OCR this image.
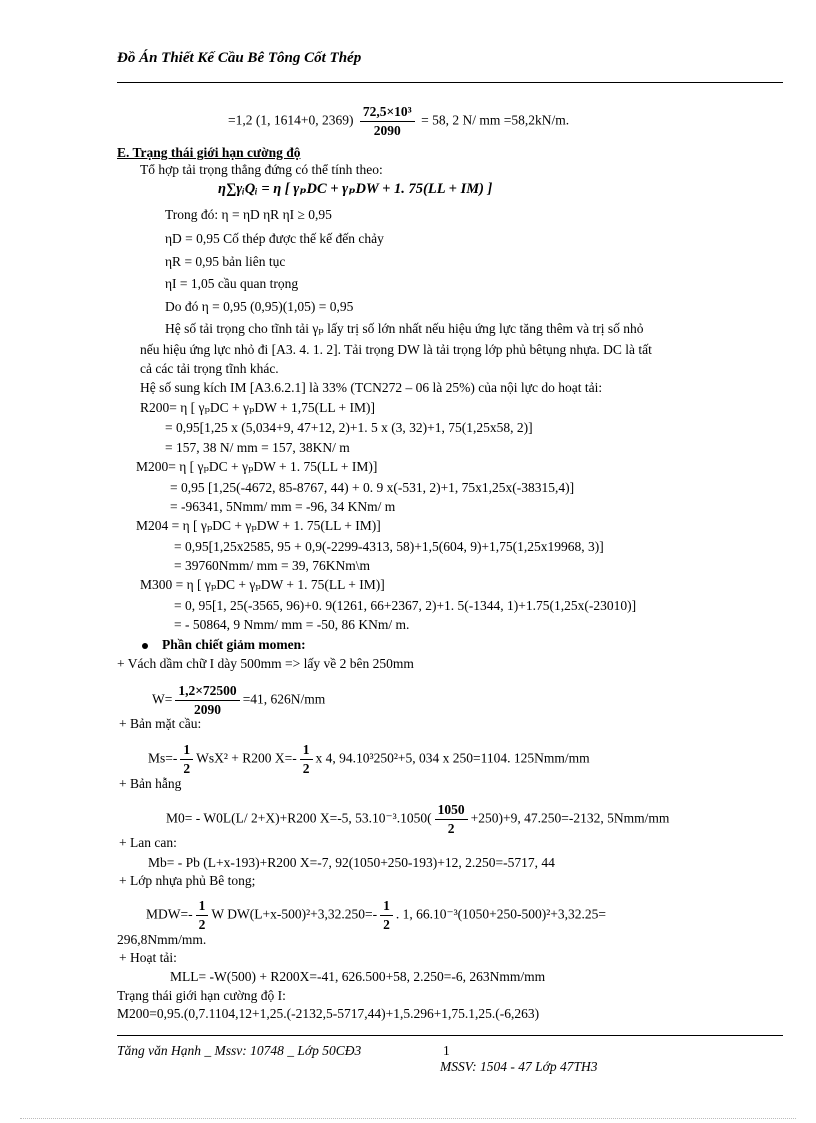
Đồ Án Thiết Kế Cầu Bê Tông Cốt Thép
=1,2 (1, 1614+0, $2369) \frac{\text{72,5×10³}}{2090} = 58$, 2 N/ mm =58,2kN/m.
E. Trạng thái giới hạn cường độ
Tổ hợp tải trọng thẳng đứng có thể tính theo:
η∑γᵢQᵢ = η [ γₚDC + γₚDW + 1. 75(LL + IM) ]
Trong đó: η = ηD ηR ηI ≥ 0,95
ηD = 0,95 Cố thép được thế kế đến chảy
ηR = 0,95 bản liên tục
ηI = 1,05 cầu quan trọng
Do đó η = 0,95 (0,95)(1,05) = 0,95
Hệ số tải trọng cho tĩnh tải γₚ lấy trị số lớn nhất nếu hiệu ứng lực tăng thêm và trị số nhỏ
nếu hiệu ứng lực nhỏ đi [A3. 4. 1. 2]. Tải trọng DW là tải trọng lớp phủ bêtụng nhựa. DC là tất
cả các tải trọng tĩnh khác.
Hệ số sung kích IM [A3.6.2.1] là 33% (TCN272 – 06 là 25%) của nội lực do hoạt tải:
R200= η [ γₚDC + γₚDW + 1,75(LL + IM)]
= 0,95[1,25 x (5,034+9, 47+12, 2)+1. 5 x (3, 32)+1, 75(1,25x58, 2)]
= 157, 38 N/ mm = 157, 38KN/ m
M200= η [ γₚDC + γₚDW + 1. 75(LL + IM)]
= 0,95 [1,25(-4672, 85-8767, 44) + 0. 9 x(-531, 2)+1, 75x1,25x(-38315,4)]
= -96341, 5Nmm/ mm = -96, 34 KNm/ m
M204 = η [ γₚDC + γₚDW + 1. 75(LL + IM)]
= 0,95[1,25x2585, 95 + 0,9(-2299-4313, 58)+1,5(604, 9)+1,75(1,25x19968, 3)]
= 39760Nmm/ mm = 39, 76KNm\m
M300 = η [ γₚDC + γₚDW + 1. 75(LL + IM)]
= 0, 95[1, 25(-3565, 96)+0. 9(1261, 66+2367, 2)+1. 5(-1344, 1)+1.75(1,25x(-23010)]
= - 50864, 9 Nmm/ mm = -50, 86 KNm/ m.
Phần chiết giảm momen:
+ Vách dầm chữ I dày 500mm => lấy về 2 bên 250mm
$W= \frac{1,2\times 72500}{2090} =41$, 626N/mm
+ Bản mặt cầu:
$Ms=- \frac{1}{2} WsX^2 + R200$ $X=- \frac{1}{2}$ x 4, 94.10³250²+5, 034 x 250=1104. 125Nmm/mm
+ Bản hẫng
M0= - W0L(L/ 2+X)+R200 X=-5, $53.10^{-3}.1050( \frac{1050}{2} +250)+9$, 47.250=-2132, 5Nmm/mm
+ Lan can:
Mb= - Pb (L+x-193)+R200 X=-7, 92(1050+250-193)+12, 2.250=-5717, 44
+ Lớp nhựa phủ Bê tong;
$MDW=- \frac{1}{2}$ W $DW(L+x-500)^2+3,32.250=- \frac{1}{2}$ . 1, 66.10⁻³(1050+250-500)²+3,32.25=
296,8Nmm/mm.
+ Hoạt tải:
MLL= -W(500) + R200X=-41, 626.500+58, 2.250=-6, 263Nmm/mm
Trạng thái giới hạn cường độ I:
M200=0,95.(0,7.1104,12+1,25.(-2132,5-5717,44)+1,5.296+1,75.1,25.(-6,263)
Tăng văn Hạnh _ Mssv: 10748 _ Lớp 50CĐ3	1
MSSV: 1504 - 47 Lớp 47TH3
